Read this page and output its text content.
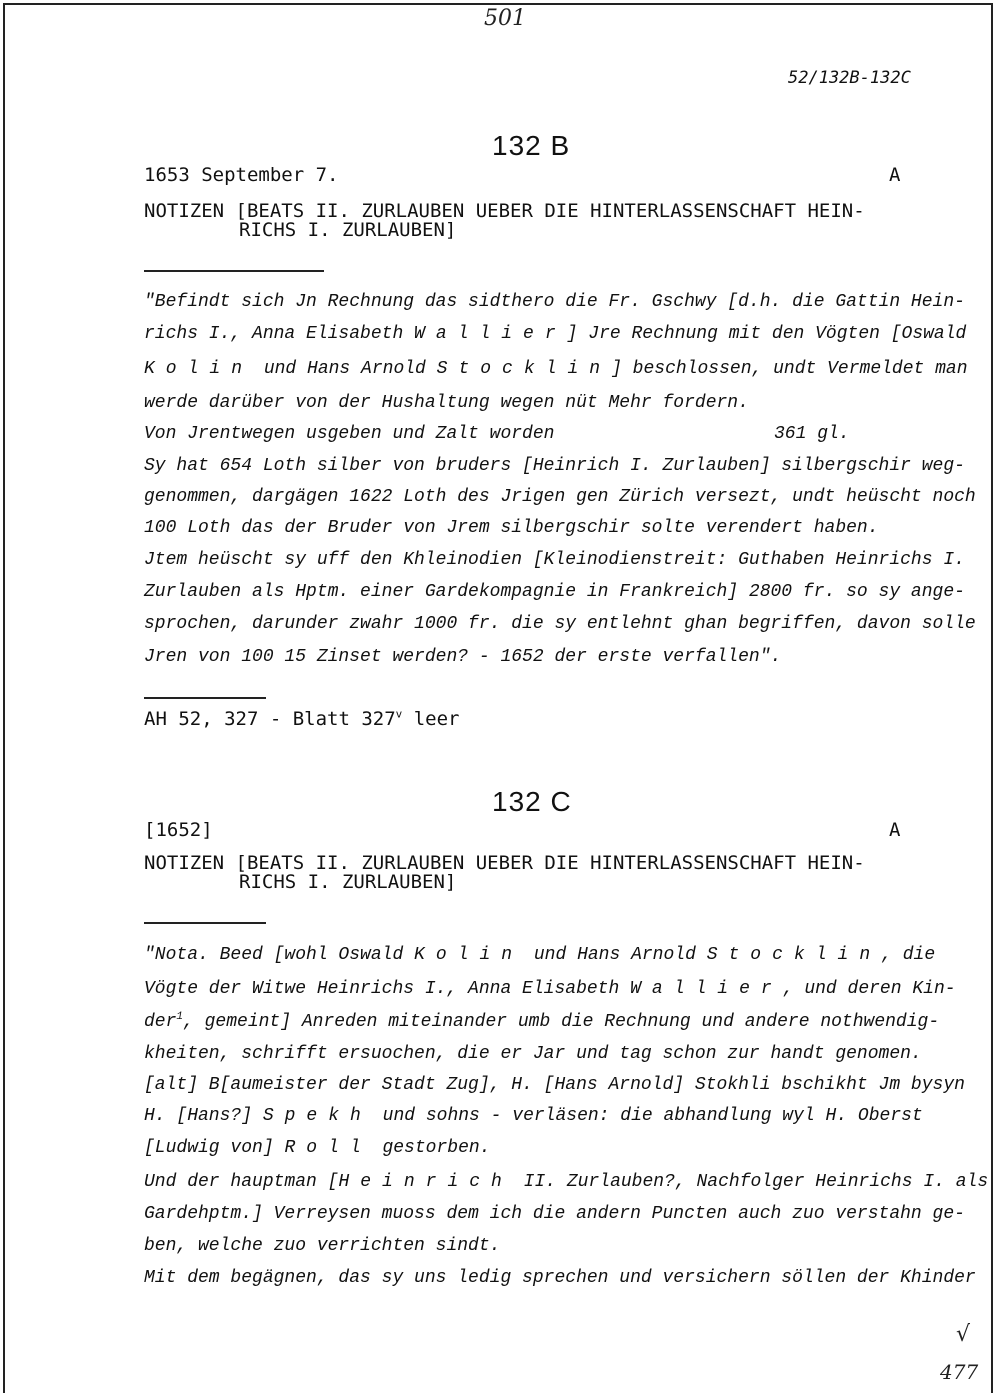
501
52/132B-132C
132 B
1653 September 7.	A
NOTIZEN [BEATS II. ZURLAUBEN UEBER DIE HINTERLASSENSCHAFT HEIN-
RICHS I. ZURLAUBEN]
"Befindt sich Jn Rechnung das sidthero die Fr. Gschwy [d.h. die Gattin Hein-
richs I., Anna Elisabeth Wallier] Jre Rechnung mit den Vögten [Oswald
Kolin und Hans Arnold Stocklin] beschlossen, undt Vermeldet man
werde darüber von der Hushaltung wegen nüt Mehr fordern.
Von Jrentwegen usgeben und Zalt worden	361 gl.
Sy hat 654 Loth silber von bruders [Heinrich I. Zurlauben] silbergschir weg-
genommen, dargägen 1622 Loth des Jrigen gen Zürich versezt, undt heüscht noch
100 Loth das der Bruder von Jrem silbergschir solte verendert haben.
Jtem heüscht sy uff den Khleinodien [Kleinodienstreit: Guthaben Heinrichs I.
Zurlauben als Hptm. einer Gardekompagnie in Frankreich] 2800 fr. so sy ange-
sprochen, darunder zwahr 1000 fr. die sy entlehnt ghan begriffen, davon solle
Jren von 100 15 Zinset werden? - 1652 der erste verfallen".
AH 52, 327 - Blatt 327$^v$ leer
132 C
[1652]	A
NOTIZEN [BEATS II. ZURLAUBEN UEBER DIE HINTERLASSENSCHAFT HEIN-
RICHS I. ZURLAUBEN]
"Nota. Beed [wohl Oswald Kolin und Hans Arnold Stocklin, die
Vögte der Witwe Heinrichs I., Anna Elisabeth Wallier, und deren Kin-
der$^1$, gemeint] Anreden miteinander umb die Rechnung und andere nothwendig-
kheiten, schrifft ersuochen, die er Jar und tag schon zur handt genomen.
[alt] B[aumeister der Stadt Zug], H. [Hans Arnold] Stokhli bschikht Jm bysyn
H. [Hans?] Spekh und sohns - verläsen: die abhandlung wyl H. Oberst
[Ludwig von] Roll gestorben.
Und der hauptman [Heinrich II. Zurlauben?, Nachfolger Heinrichs I. als
Gardehptm.] Verreysen muoss dem ich die andern Puncten auch zuo verstahn ge-
ben, welche zuo verrichten sindt.
Mit dem begägnen, das sy uns ledig sprechen und versichern söllen der Khinder
√
477
